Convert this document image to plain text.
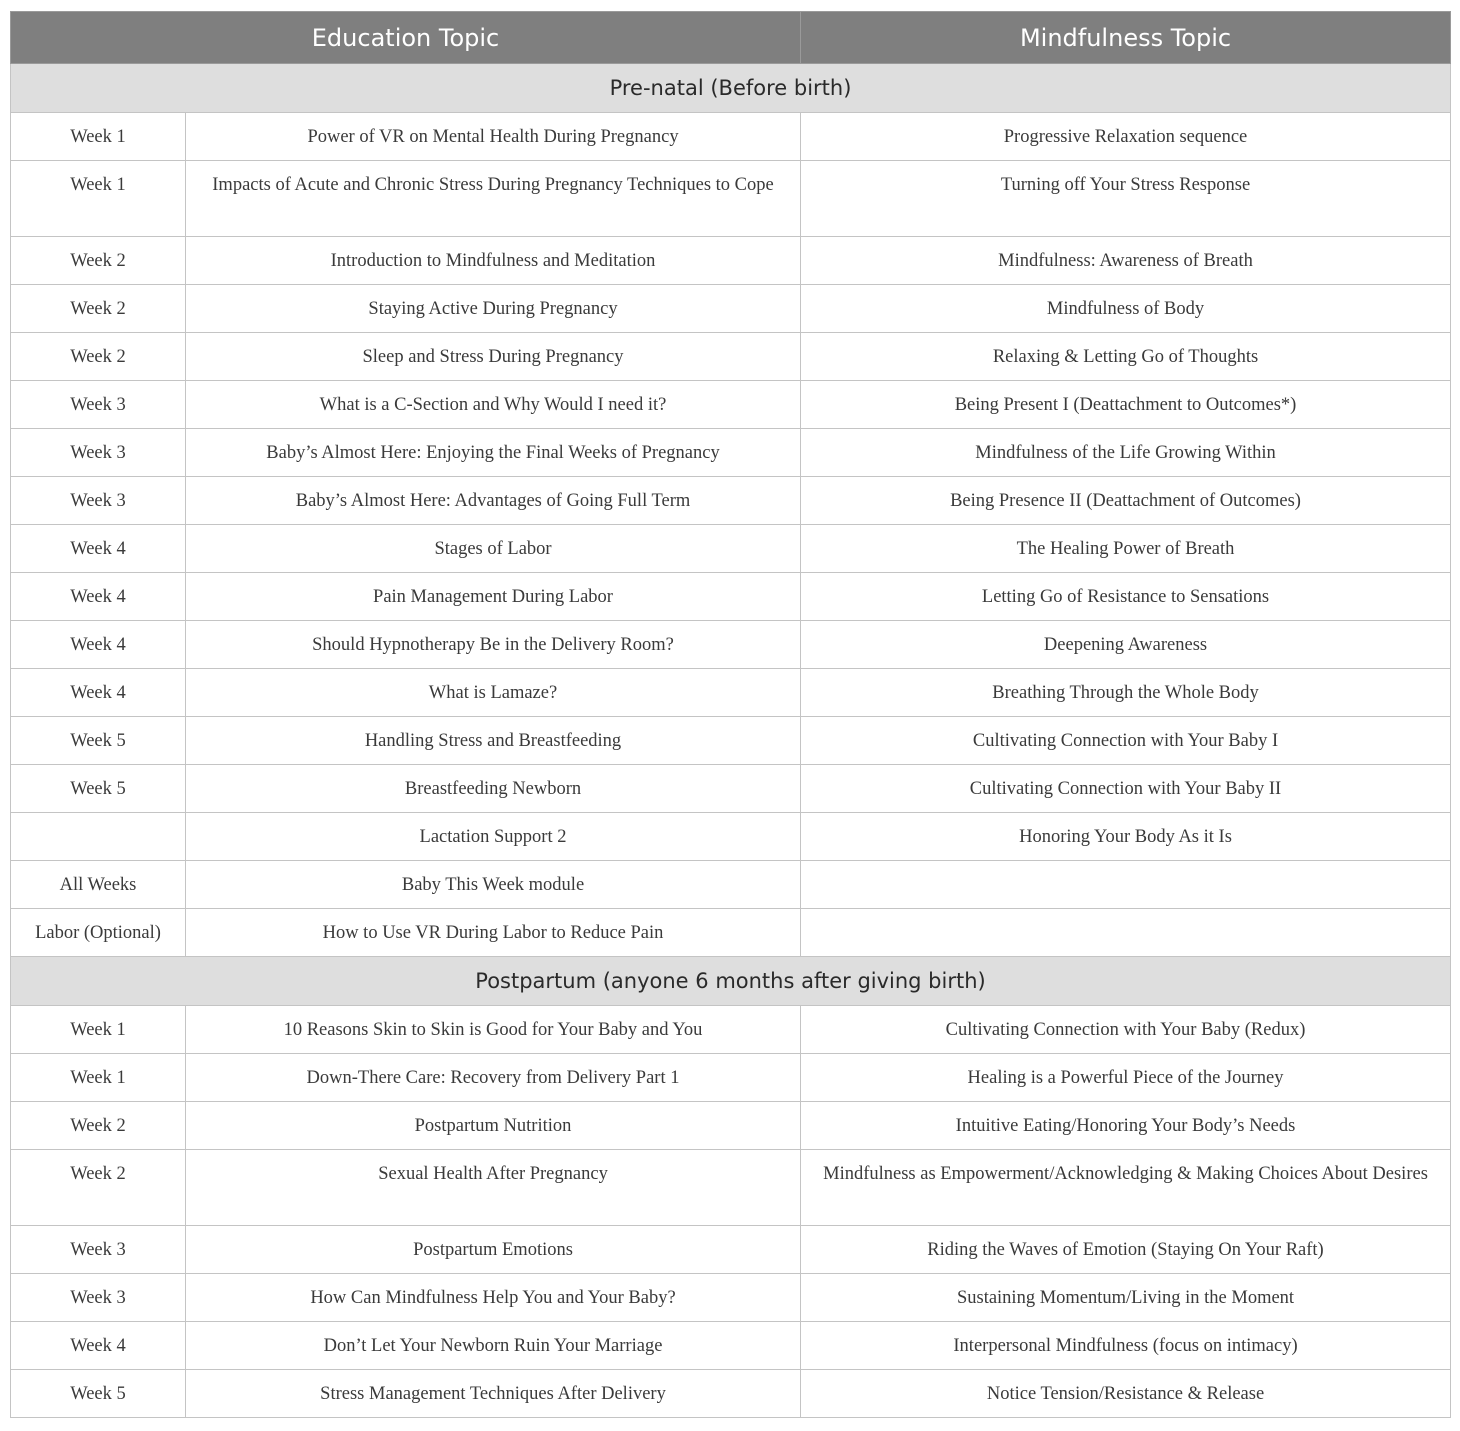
Education Topic		Mindfulness Topic
Pre-natal (Before birth)		
Week 1	Power of VR on Mental Health During Pregnancy	Progressive Relaxation sequence
Week 1	Impacts of Acute and Chronic Stress During Pregnancy Techniques to Cope	Turning off Your Stress Response
Week 2	Introduction to Mindfulness and Meditation	Mindfulness: Awareness of Breath
Week 2	Staying Active During Pregnancy	Mindfulness of Body
Week 2	Sleep and Stress During Pregnancy	Relaxing & Letting Go of Thoughts
Week 3	What is a C-Section and Why Would I need it?	Being Present I (Deattachment to Outcomes*)
Week 3	Baby’s Almost Here: Enjoying the Final Weeks of Pregnancy	Mindfulness of the Life Growing Within
Week 3	Baby’s Almost Here: Advantages of Going Full Term	Being Presence II (Deattachment of Outcomes)
Week 4	Stages of Labor	The Healing Power of Breath
Week 4	Pain Management During Labor	Letting Go of Resistance to Sensations
Week 4	Should Hypnotherapy Be in the Delivery Room?	Deepening Awareness
Week 4	What is Lamaze?	Breathing Through the Whole Body
Week 5	Handling Stress and Breastfeeding	Cultivating Connection with Your Baby I
Week 5	Breastfeeding Newborn	Cultivating Connection with Your Baby II
	Lactation Support 2	Honoring Your Body As it Is
All Weeks	Baby This Week module	
Labor (Optional)	How to Use VR During Labor to Reduce Pain	
Postpartum (anyone 6 months after giving birth)		
Week 1	10 Reasons Skin to Skin is Good for Your Baby and You	Cultivating Connection with Your Baby (Redux)
Week 1	Down-There Care: Recovery from Delivery Part 1	Healing is a Powerful Piece of the Journey
Week 2	Postpartum Nutrition	Intuitive Eating/Honoring Your Body’s Needs
Week 2	Sexual Health After Pregnancy	Mindfulness as Empowerment/Acknowledging & Making Choices About Desires
Week 3	Postpartum Emotions	Riding the Waves of Emotion (Staying On Your Raft)
Week 3	How Can Mindfulness Help You and Your Baby?	Sustaining Momentum/Living in the Moment
Week 4	Don’t Let Your Newborn Ruin Your Marriage	Interpersonal Mindfulness (focus on intimacy)
Week 5	Stress Management Techniques After Delivery	Notice Tension/Resistance & Release
